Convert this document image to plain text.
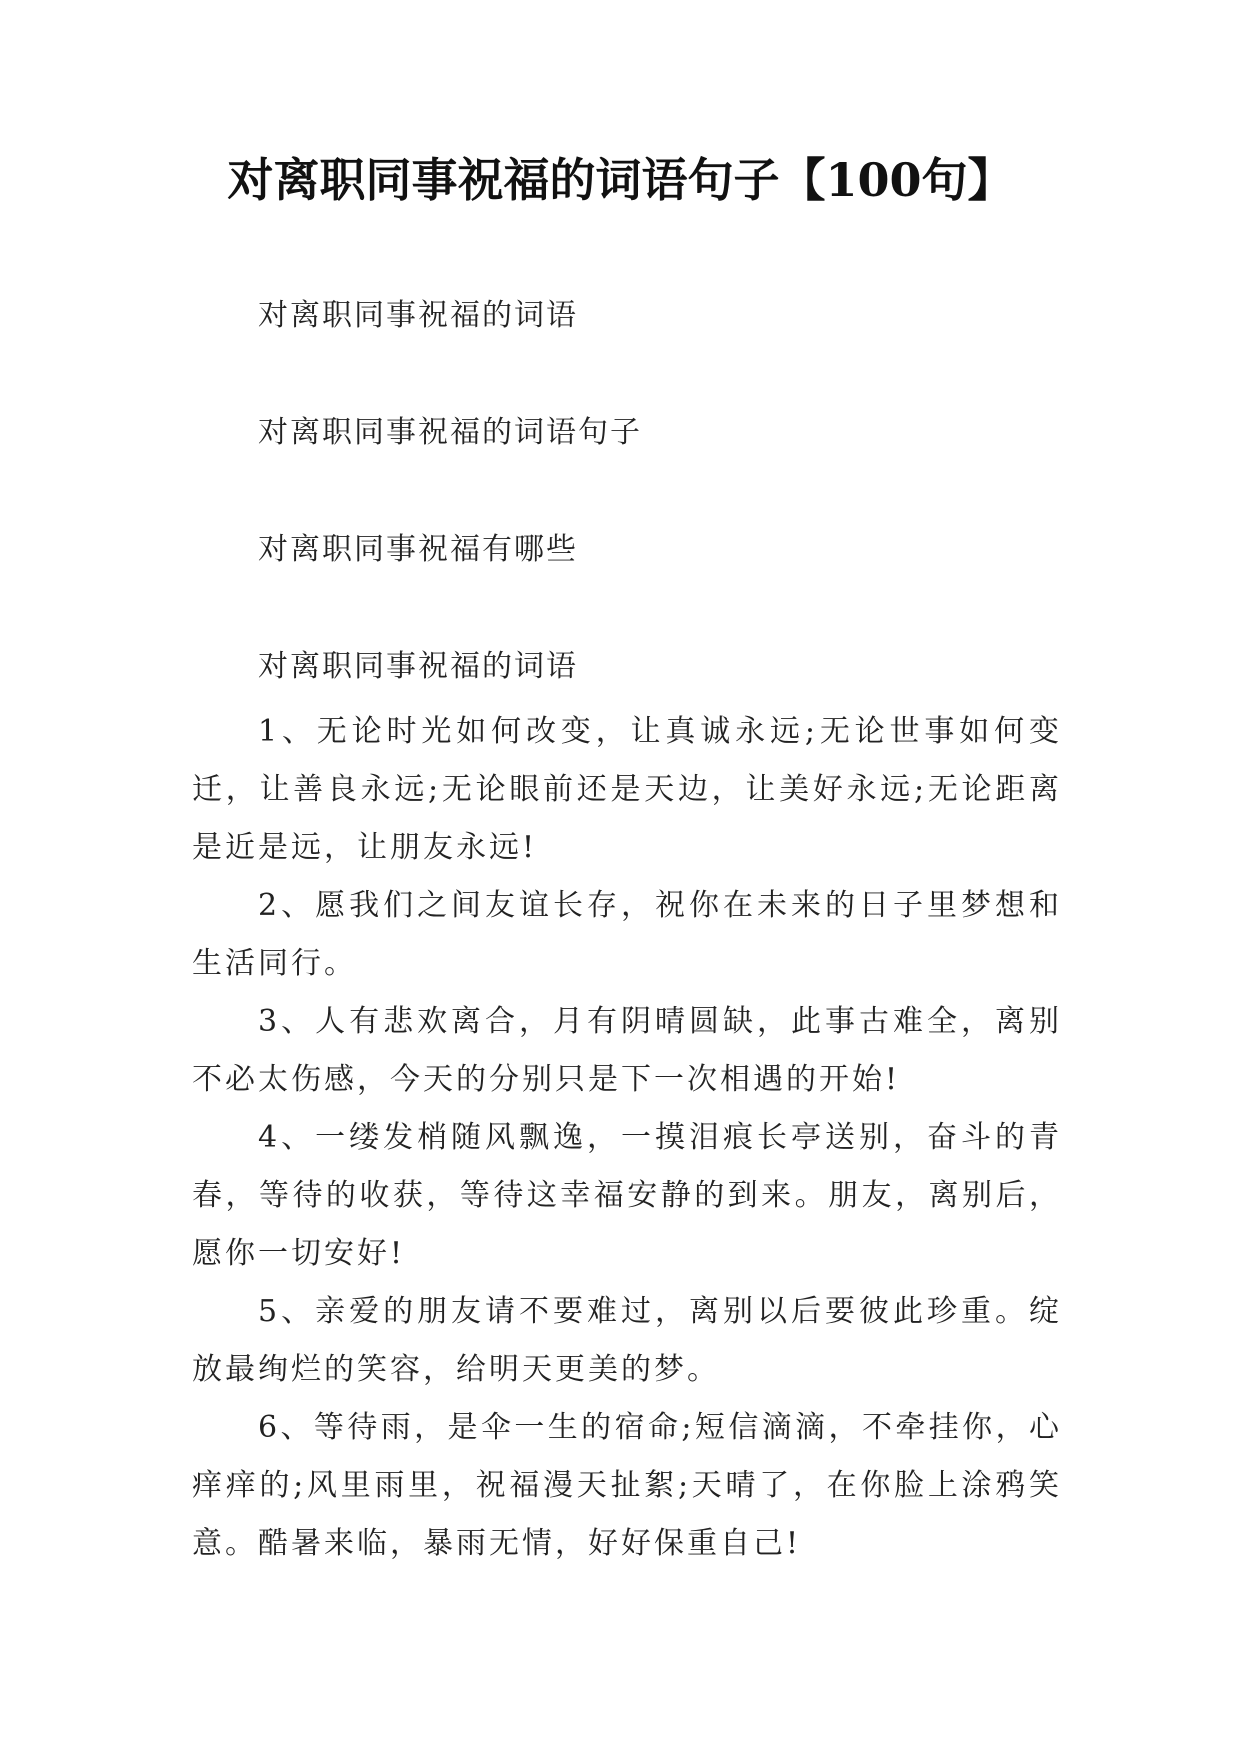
对离职同事祝福的词语句子【100句】
对离职同事祝福的词语
对离职同事祝福的词语句子
对离职同事祝福有哪些
对离职同事祝福的词语

1、无论时光如何改变，让真诚永远;无论世事如何变迁，让善良永远;无论眼前还是天边，让美好永远;无论距离是近是远，让朋友永远!

2、愿我们之间友谊长存，祝你在未来的日子里梦想和生活同行。

3、人有悲欢离合，月有阴晴圆缺，此事古难全，离别不必太伤感，今天的分别只是下一次相遇的开始!

4、一缕发梢随风飘逸，一摸泪痕长亭送别，奋斗的青春，等待的收获，等待这幸福安静的到来。朋友，离别后，愿你一切安好!

5、亲爱的朋友请不要难过，离别以后要彼此珍重。绽放最绚烂的笑容，给明天更美的梦。

6、等待雨，是伞一生的宿命;短信滴滴，不牵挂你，心痒痒的;风里雨里，祝福漫天扯絮;天晴了，在你脸上涂鸦笑意。酷暑来临，暴雨无情，好好保重自己!
